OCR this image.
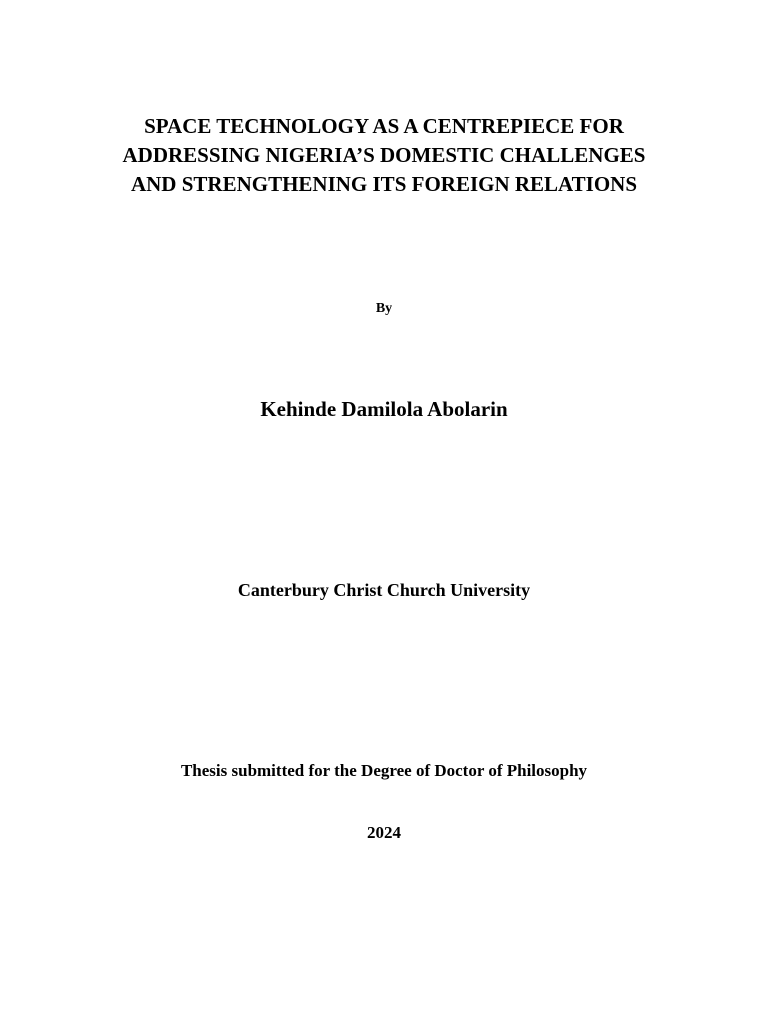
SPACE TECHNOLOGY AS A CENTREPIECE FOR
ADDRESSING NIGERIA’S DOMESTIC CHALLENGES
AND STRENGTHENING ITS FOREIGN RELATIONS
By
Kehinde Damilola Abolarin
Canterbury Christ Church University
Thesis submitted for the Degree of Doctor of Philosophy
2024
